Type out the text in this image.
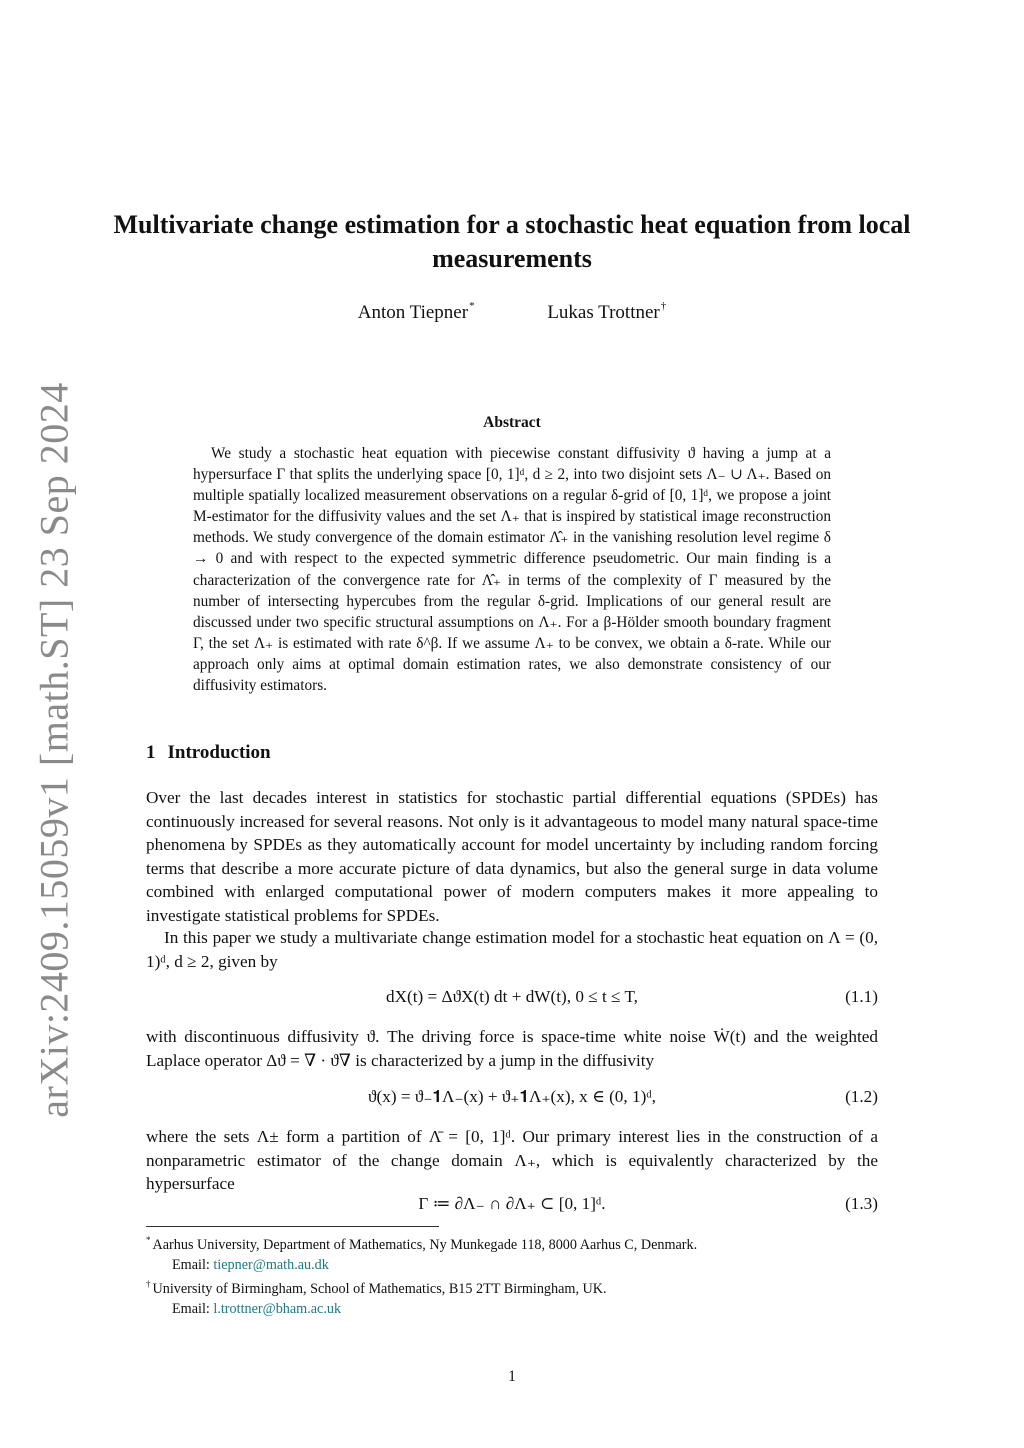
arXiv:2409.15059v1 [math.ST] 23 Sep 2024
Multivariate change estimation for a stochastic heat equation from local measurements
Anton Tiepner*	Lukas Trottner†
Abstract

We study a stochastic heat equation with piecewise constant diffusivity ϑ having a jump at a hypersurface Γ that splits the underlying space [0, 1]ᵈ, d ≥ 2, into two disjoint sets Λ₋ ∪ Λ₊. Based on multiple spatially localized measurement observations on a regular δ-grid of [0, 1]ᵈ, we propose a joint M-estimator for the diffusivity values and the set Λ₊ that is inspired by statistical image reconstruction methods. We study convergence of the domain estimator Λ̂₊ in the vanishing resolution level regime δ → 0 and with respect to the expected symmetric difference pseudometric. Our main finding is a characterization of the convergence rate for Λ̂₊ in terms of the complexity of Γ measured by the number of intersecting hypercubes from the regular δ-grid. Implications of our general result are discussed under two specific structural assumptions on Λ₊. For a β-Hölder smooth boundary fragment Γ, the set Λ₊ is estimated with rate δ^β. If we assume Λ₊ to be convex, we obtain a δ-rate. While our approach only aims at optimal domain estimation rates, we also demonstrate consistency of our diffusivity estimators.

1 Introduction

Over the last decades interest in statistics for stochastic partial differential equations (SPDEs) has continuously increased for several reasons. Not only is it advantageous to model many natural space-time phenomena by SPDEs as they automatically account for model uncertainty by including random forcing terms that describe a more accurate picture of data dynamics, but also the general surge in data volume combined with enlarged computational power of modern computers makes it more appealing to investigate statistical problems for SPDEs.

In this paper we study a multivariate change estimation model for a stochastic heat equation on Λ = (0, 1)ᵈ, d ≥ 2, given by

dX(t) = ΔϑX(t) dt + dW(t), 0 ≤ t ≤ T,	(1.1)

with discontinuous diffusivity ϑ. The driving force is space-time white noise Ẇ(t) and the weighted Laplace operator Δϑ = ∇ · ϑ∇ is characterized by a jump in the diffusivity

ϑ(x) = ϑ₋𝟏Λ₋(x) + ϑ₊𝟏Λ₊(x), x ∈ (0, 1)ᵈ,	(1.2)

where the sets Λ± form a partition of Λ̄ = [0, 1]ᵈ. Our primary interest lies in the construction of a nonparametric estimator of the change domain Λ₊, which is equivalently characterized by the hypersurface

Γ ≔ ∂Λ₋ ∩ ∂Λ₊ ⊂ [0, 1]ᵈ.	(1.3)
* Aarhus University, Department of Mathematics, Ny Munkegade 118, 8000 Aarhus C, Denmark.
Email: tiepner@math.au.dk
† University of Birmingham, School of Mathematics, B15 2TT Birmingham, UK.
Email: l.trottner@bham.ac.uk
1
